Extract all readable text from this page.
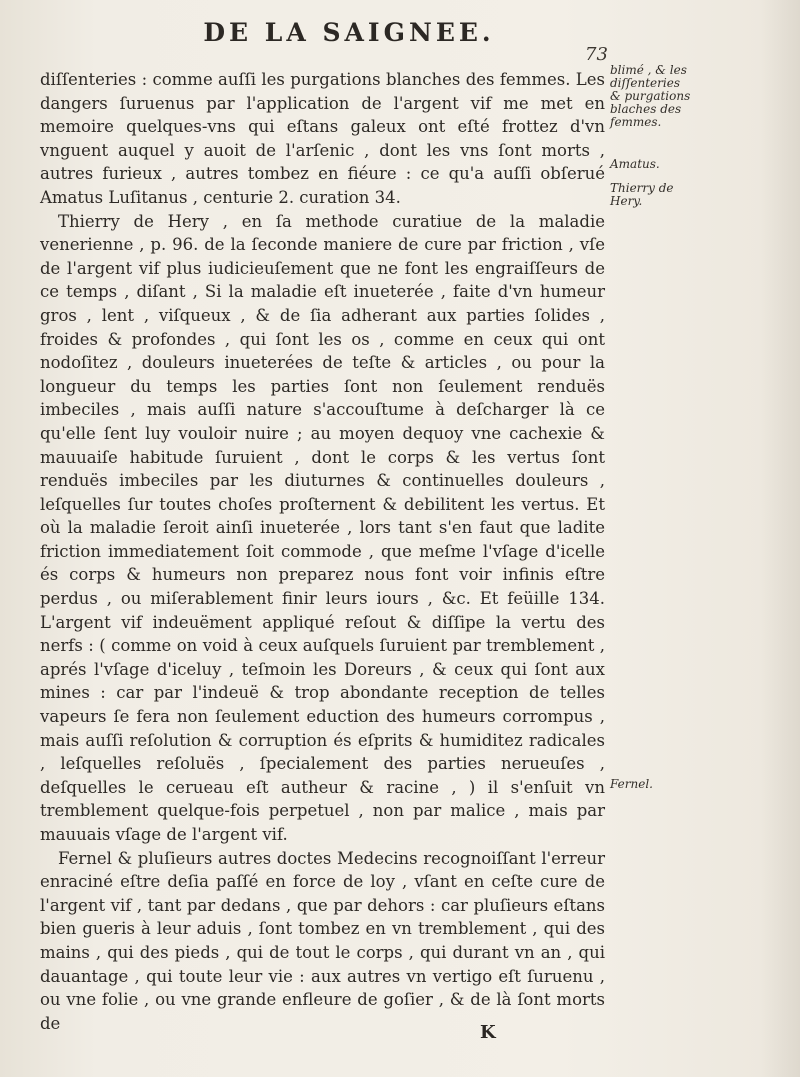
DE LA SAIGNEE.
73

diſſenteries : comme auſſi les purgations blanches des femmes. Les dangers ſuruenus par l'application de l'argent vif me met en memoire quelques-vns qui eſtans galeux ont eſté frottez d'vn vnguent auquel y auoit de l'arſenic , dont les vns ſont morts , autres furieux , autres tombez en fiéure : ce qu'a auſſi obſerué Amatus Luſitanus , centurie 2. curation 34.

Thierry de Hery , en ſa methode curatiue de la maladie venerienne , p. 96. de la ſeconde maniere de cure par friction , vſe de l'argent vif plus iudicieuſement que ne font les engraiſſeurs de ce temps , diſant , Si la maladie eſt inueterée , faite d'vn humeur gros , lent , viſqueux , & de ſia adherant aux parties ſolides , froides & profondes , qui ſont les os , comme en ceux qui ont nodoſitez , douleurs inueterées de teſte & articles , ou pour la longueur du temps les parties ſont non ſeulement renduës imbeciles , mais auſſi nature s'accouſtume à deſcharger là ce qu'elle ſent luy vouloir nuire ; au moyen dequoy vne cachexie & mauuaiſe habitude ſuruient , dont le corps & les vertus ſont renduës imbeciles par les diuturnes & continuelles douleurs , leſquelles ſur toutes choſes proſternent & debilitent les vertus. Et où la maladie ſeroit ainſi inueterée , lors tant s'en faut que ladite friction immediatement ſoit commode , que meſme l'vſage d'icelle és corps & humeurs non preparez nous font voir infinis eſtre perdus , ou miſerablement finir leurs iours , &c. Et feüille 134. L'argent vif indeuëment appliqué reſout & diſſipe la vertu des nerfs : ( comme on void à ceux auſquels ſuruient par tremblement , aprés l'vſage d'iceluy , teſmoin les Doreurs , & ceux qui ſont aux mines : car par l'indeuë & trop abondante reception de telles vapeurs ſe fera non ſeulement eduction des humeurs corrompus , mais auſſi reſolution & corruption és eſprits & humiditez radicales , leſquelles reſoluës , ſpecialement des parties nerueuſes , deſquelles le cerueau eſt autheur & racine , ) il s'enſuit vn tremblement quelque-fois perpetuel , non par malice , mais par mauuais vſage de l'argent vif.

Fernel & pluſieurs autres doctes Medecins recognoiſſant l'erreur enraciné eſtre deſia paſſé en force de loy , vſant en ceſte cure de l'argent vif , tant par dedans , que par dehors : car pluſieurs eſtans bien gueris à leur aduis , ſont tombez en vn tremblement , qui des mains , qui des pieds , qui de tout le corps , qui durant vn an , qui dauantage , qui toute leur vie : aux autres vn vertigo eſt ſuruenu , ou vne folie , ou vne grande enfleure de goſier , & de là ſont morts de

blimé , & les diſſenteries & purgations blaches des femmes.
Amatus.
Thierry de Hery.
Fernel.
K
